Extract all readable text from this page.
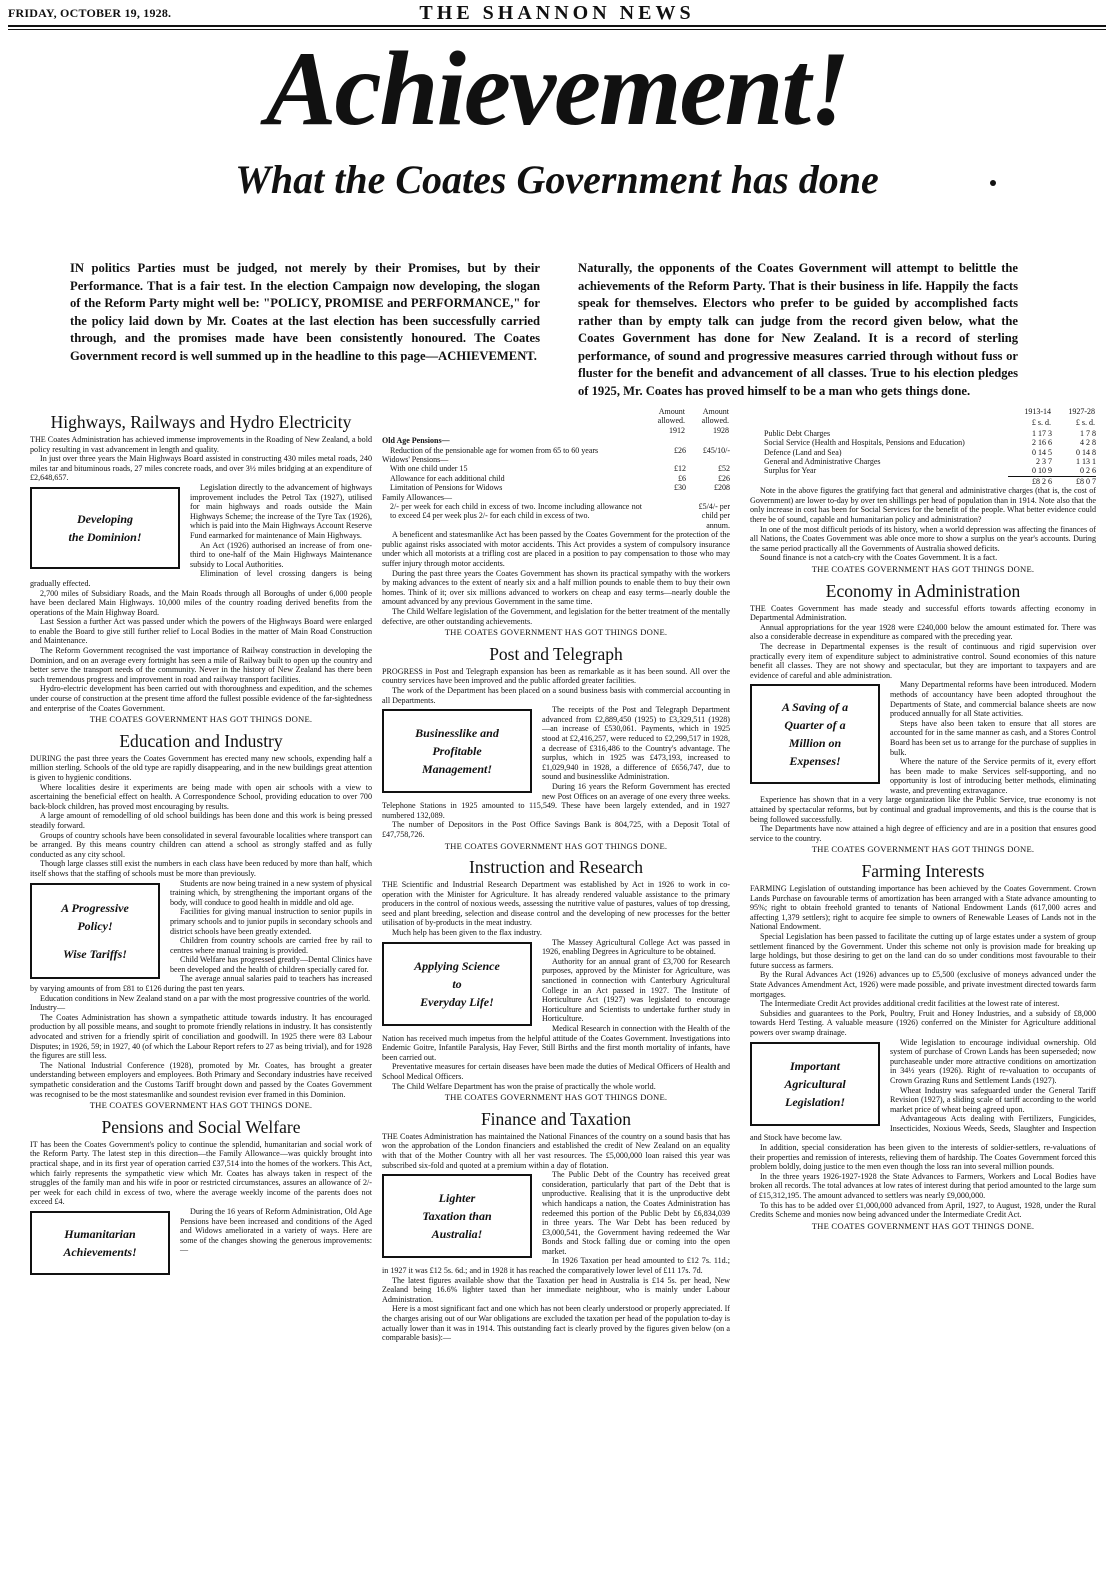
FRIDAY, OCTOBER 19, 1928.	THE SHANNON NEWS
Achievement!
What the Coates Government has done
IN politics Parties must be judged, not merely by their Promises, but by their Performance. That is a fair test. In the election Campaign now developing, the slogan of the Reform Party might well be: "POLICY, PROMISE and PERFORMANCE," for the policy laid down by Mr. Coates at the last election has been successfully carried through, and the promises made have been consistently honoured. The Coates Government record is well summed up in the headline to this page—ACHIEVEMENT.
Naturally, the opponents of the Coates Government will attempt to belittle the achievements of the Reform Party. That is their business in life. Happily the facts speak for themselves. Electors who prefer to be guided by accomplished facts rather than by empty talk can judge from the record given below, what the Coates Government has done for New Zealand. It is a record of sterling performance, of sound and progressive measures carried through without fuss or fluster for the benefit and advancement of all classes. True to his election pledges of 1925, Mr. Coates has proved himself to be a man who gets things done.
Highways, Railways and Hydro Electricity

THE Coates Administration has achieved immense improvements in the Roading of New Zealand, a bold policy resulting in vast advancement in length and quality.

In just over three years the Main Highways Board assisted in constructing 430 miles metal roads, 240 miles tar and bituminous roads, 27 miles concrete roads, and over 3½ miles bridging at an expenditure of £2,648,657.

Developing
the Dominion!

Legislation directly to the advancement of highways improvement includes the Petrol Tax (1927), utilised for main highways and roads outside the Main Highways Scheme; the increase of the Tyre Tax (1926), which is paid into the Main Highways Account Reserve Fund earmarked for maintenance of Main Highways.

An Act (1926) authorised an increase of from one-third to one-half of the Main Highways Maintenance subsidy to Local Authorities.

Elimination of level crossing dangers is being gradually effected.

2,700 miles of Subsidiary Roads, and the Main Roads through all Boroughs of under 6,000 people have been declared Main Highways. 10,000 miles of the country roading derived benefits from the operations of the Main Highway Board.

Last Session a further Act was passed under which the powers of the Highways Board were enlarged to enable the Board to give still further relief to Local Bodies in the matter of Main Road Construction and Maintenance.

The Reform Government recognised the vast importance of Railway construction in developing the Dominion, and on an average every fortnight has seen a mile of Railway built to open up the country and better serve the transport needs of the community. Never in the history of New Zealand has there been such tremendous progress and improvement in road and railway transport facilities.

Hydro-electric development has been carried out with thoroughness and expedition, and the schemes under course of construction at the present time afford the fullest possible evidence of the far-sightedness and enterprise of the Coates Government.

THE COATES GOVERNMENT HAS GOT THINGS DONE.
Education and Industry

DURING the past three years the Coates Government has erected many new schools, expending half a million sterling. Schools of the old type are rapidly disappearing, and in the new buildings great attention is given to hygienic conditions.

Where localities desire it experiments are being made with open air schools with a view to ascertaining the beneficial effect on health. A Correspondence School, providing education to over 700 back-block children, has proved most encouraging by results.

A large amount of remodelling of old school buildings has been done and this work is being pressed steadily forward.

Groups of country schools have been consolidated in several favourable localities where transport can be arranged. By this means country children can attend a school as strongly staffed and as fully conducted as any city school.

Though large classes still exist the numbers in each class have been reduced by more than half, which itself shows that the staffing of schools must be more than previously.

A Progressive
Policy!
Wise Tariffs!

Students are now being trained in a new system of physical training which, by strengthening the important organs of the body, will conduce to good health in middle and old age.

Facilities for giving manual instruction to senior pupils in primary schools and to junior pupils in secondary schools and district schools have been greatly extended.

Children from country schools are carried free by rail to centres where manual training is provided.

Child Welfare has progressed greatly—Dental Clinics have been developed and the health of children specially cared for.

The average annual salaries paid to teachers has increased by varying amounts of from £81 to £126 during the past ten years.

Education conditions in New Zealand stand on a par with the most progressive countries of the world.

Industry—

The Coates Administration has shown a sympathetic attitude towards industry. It has encouraged production by all possible means, and sought to promote friendly relations in industry. It has consistently advocated and striven for a friendly spirit of conciliation and goodwill. In 1925 there were 83 Labour Disputes; in 1926, 59; in 1927, 40 (of which the Labour Report refers to 27 as being trivial), and for 1928 the figures are still less.

The National Industrial Conference (1928), promoted by Mr. Coates, has brought a greater understanding between employers and employees. Both Primary and Secondary industries have received sympathetic consideration and the Customs Tariff brought down and passed by the Coates Government was recognised to be the most statesmanlike and soundest revision ever framed in this Dominion.

THE COATES GOVERNMENT HAS GOT THINGS DONE.
Pensions and Social Welfare

IT has been the Coates Government's policy to continue the splendid, humanitarian and social work of the Reform Party. The latest step in this direction—the Family Allowance—was quickly brought into practical shape, and in its first year of operation carried £37,514 into the homes of the workers. This Act, which fairly represents the sympathetic view which Mr. Coates has always taken in respect of the struggles of the family man and his wife in poor or restricted circumstances, assures an allowance of 2/- per week for each child in excess of two, where the average weekly income of the parents does not exceed £4.

Humanitarian
Achievements!

During the 16 years of Reform Administration, Old Age Pensions have been increased and conditions of the Aged and Widows ameliorated in a variety of ways. Here are some of the changes showing the generous improvements:—

	Amount allowed. 1912	Amount allowed. 1928
Old Age Pensions—		
Reduction of the pensionable age for women from 65 to 60 years	£26	£45/10/-
Widows' Pensions—		
With one child under 15	£12	£52
Allowance for each additional child	£6	£26
Limitation of Pensions for Widows	£30	£208
Family Allowances—		
2/- per week for each child in excess of two. Income including allowance not to exceed £4 per week plus 2/- for each child in excess of two.		£5/4/- per child per annum.

A beneficent and statesmanlike Act has been passed by the Coates Government for the protection of the public against risks associated with motor accidents. This Act provides a system of compulsory insurance under which all motorists at a trifling cost are placed in a position to pay compensation to those who may suffer injury through motor accidents.

During the past three years the Coates Government has shown its practical sympathy with the workers by making advances to the extent of nearly six and a half million pounds to enable them to buy their own homes. Think of it; over six millions advanced to workers on cheap and easy terms—nearly double the amount advanced by any previous Government in the same time.

The Child Welfare legislation of the Government, and legislation for the better treatment of the mentally defective, are other outstanding achievements.

THE COATES GOVERNMENT HAS GOT THINGS DONE.
Post and Telegraph

PROGRESS in Post and Telegraph expansion has been as remarkable as it has been sound. All over the country services have been improved and the public afforded greater facilities.

The work of the Department has been placed on a sound business basis with commercial accounting in all Departments.

Businesslike and
Profitable
Management!

The receipts of the Post and Telegraph Department advanced from £2,889,450 (1925) to £3,329,511 (1928)—an increase of £530,061. Payments, which in 1925 stood at £2,416,257, were reduced to £2,299,517 in 1928, a decrease of £316,486 to the Country's advantage. The surplus, which in 1925 was £473,193, increased to £1,029,940 in 1928, a difference of £656,747, due to sound and businesslike Administration.

During 16 years the Reform Government has erected new Post Offices on an average of one every three weeks. Telephone Stations in 1925 amounted to 115,549. These have been largely extended, and in 1927 numbered 132,089.

The number of Depositors in the Post Office Savings Bank is 804,725, with a Deposit Total of £47,758,726.

THE COATES GOVERNMENT HAS GOT THINGS DONE.
Instruction and Research

THE Scientific and Industrial Research Department was established by Act in 1926 to work in co-operation with the Minister for Agriculture. It has already rendered valuable assistance to the primary producers in the control of noxious weeds, assessing the nutritive value of pastures, values of top dressing, seed and plant breeding, selection and disease control and the developing of new processes for the better utilisation of by-products in the meat industry.

Much help has been given to the flax industry.

Applying Science
to
Everyday Life!

The Massey Agricultural College Act was passed in 1926, enabling Degrees in Agriculture to be obtained.

Authority for an annual grant of £3,700 for Research purposes, approved by the Minister for Agriculture, was sanctioned in connection with Canterbury Agricultural College in an Act passed in 1927. The Institute of Horticulture Act (1927) was legislated to encourage Horticulture and Scientists to undertake further study in Horticulture.

Medical Research in connection with the Health of the Nation has received much impetus from the helpful attitude of the Coates Government. Investigations into Endemic Goitre, Infantile Paralysis, Hay Fever, Still Births and the first month mortality of infants, have been carried out.

Preventative measures for certain diseases have been made the duties of Medical Officers of Health and School Medical Officers.

The Child Welfare Department has won the praise of practically the whole world.

THE COATES GOVERNMENT HAS GOT THINGS DONE.
Finance and Taxation

THE Coates Administration has maintained the National Finances of the country on a sound basis that has won the approbation of the London financiers and established the credit of New Zealand on an equality with that of the Mother Country with all her vast resources. The £5,000,000 loan raised this year was subscribed six-fold and quoted at a premium within a day of flotation.

Lighter
Taxation than
Australia!

The Public Debt of the Country has received great consideration, particularly that part of the Debt that is unproductive. Realising that it is the unproductive debt which handicaps a nation, the Coates Administration has redeemed this portion of the Public Debt by £6,834,039 in three years. The War Debt has been reduced by £3,000,541, the Government having redeemed the War Bonds and Stock falling due or coming into the open market.

In 1926 Taxation per head amounted to £12 7s. 11d.; in 1927 it was £12 5s. 6d.; and in 1928 it has reached the comparatively lower level of £11 17s. 7d.

The latest figures available show that the Taxation per head in Australia is £14 5s. per head, New Zealand being 16.6% lighter taxed than her immediate neighbour, who is mainly under Labour Administration.

Here is a most significant fact and one which has not been clearly understood or properly appreciated. If the charges arising out of our War obligations are excluded the taxation per head of the population to-day is actually lower than it was in 1914. This outstanding fact is clearly proved by the figures given below (on a comparable basis):—

	1913-14	1927-28
	£ s. d.	£ s. d.
Public Debt Charges	1 17 3	1 7 8
Social Service (Health and Hospitals, Pensions and Education)	2 16 6	4 2 8
Defence (Land and Sea)	0 14 5	0 14 8
General and Administrative Charges	2 3 7	1 13 1
Surplus for Year	0 10 9	0 2 6
	£8 2 6	£8 0 7

Note in the above figures the gratifying fact that general and administrative charges (that is, the cost of Government) are lower to-day by over ten shillings per head of population than in 1914. Note also that the only increase in cost has been for Social Services for the benefit of the people. What better evidence could there be of sound, capable and humanitarian policy and administration?

In one of the most difficult periods of its history, when a world depression was affecting the finances of all Nations, the Coates Government was able once more to show a surplus on the year's accounts. During the same period practically all the Governments of Australia showed deficits.

Sound finance is not a catch-cry with the Coates Government. It is a fact.

THE COATES GOVERNMENT HAS GOT THINGS DONE.
Economy in Administration

THE Coates Government has made steady and successful efforts towards affecting economy in Departmental Administration.

Annual appropriations for the year 1928 were £240,000 below the amount estimated for. There was also a considerable decrease in expenditure as compared with the preceding year.

The decrease in Departmental expenses is the result of continuous and rigid supervision over practically every item of expenditure subject to administrative control. Sound economies of this nature benefit all classes. They are not showy and spectacular, but they are important to taxpayers and are evidence of careful and able administration.

A Saving of a
Quarter of a
Million on
Expenses!

Many Departmental reforms have been introduced. Modern methods of accountancy have been adopted throughout the Departments of State, and commercial balance sheets are now produced annually for all State activities.

Steps have also been taken to ensure that all stores are accounted for in the same manner as cash, and a Stores Control Board has been set us to arrange for the purchase of supplies in bulk.

Where the nature of the Service permits of it, every effort has been made to make Services self-supporting, and no opportunity is lost of introducing better methods, eliminating waste, and preventing extravagance.

Experience has shown that in a very large organization like the Public Service, true economy is not attained by spectacular reforms, but by continual and gradual improvements, and this is the course that is being followed successfully.

The Departments have now attained a high degree of efficiency and are in a position that ensures good service to the country.

THE COATES GOVERNMENT HAS GOT THINGS DONE.
Farming Interests

FARMING Legislation of outstanding importance has been achieved by the Coates Government. Crown Lands Purchase on favourable terms of amortization has been arranged with a State advance amounting to 95%; right to obtain freehold granted to tenants of National Endowment Lands (617,000 acres and affecting 1,379 settlers); right to acquire fee simple to owners of Renewable Leases of Lands not in the National Endowment.

Special Legislation has been passed to facilitate the cutting up of large estates under a system of group settlement financed by the Government. Under this scheme not only is provision made for breaking up large holdings, but those desiring to get on the land can do so under conditions most favourable to their future success as farmers.

By the Rural Advances Act (1926) advances up to £5,500 (exclusive of moneys advanced under the State Advances Amendment Act, 1926) were made possible, and private investment directed towards farm mortgages.

The Intermediate Credit Act provides additional credit facilities at the lowest rate of interest.

Subsidies and guarantees to the Pork, Poultry, Fruit and Honey Industries, and a subsidy of £8,000 towards Herd Testing. A valuable measure (1926) conferred on the Minister for Agriculture additional powers over swamp drainage.

Important
Agricultural
Legislation!

Wide legislation to encourage individual ownership. Old system of purchase of Crown Lands has been superseded; now purchaseable under more attractive conditions on amortization in 34½ years (1926). Right of re-valuation to occupants of Crown Grazing Runs and Settlement Lands (1927).

Wheat Industry was safeguarded under the General Tariff Revision (1927), a sliding scale of tariff according to the world market price of wheat being agreed upon.

Advantageous Acts dealing with Fertilizers, Fungicides, Insecticides, Noxious Weeds, Seeds, Slaughter and Inspection and Stock have become law.

In addition, special consideration has been given to the interests of soldier-settlers, re-valuations of their properties and remission of interests, relieving them of hardship. The Coates Government forced this problem boldly, doing justice to the men even though the loss ran into several million pounds.

In the three years 1926-1927-1928 the State Advances to Farmers, Workers and Local Bodies have broken all records. The total advances at low rates of interest during that period amounted to the large sum of £15,312,195. The amount advanced to settlers was nearly £9,000,000.

To this has to be added over £1,000,000 advanced from April, 1927, to August, 1928, under the Rural Credits Scheme and monies now being advanced under the Intermediate Credit Act.

THE COATES GOVERNMENT HAS GOT THINGS DONE.
